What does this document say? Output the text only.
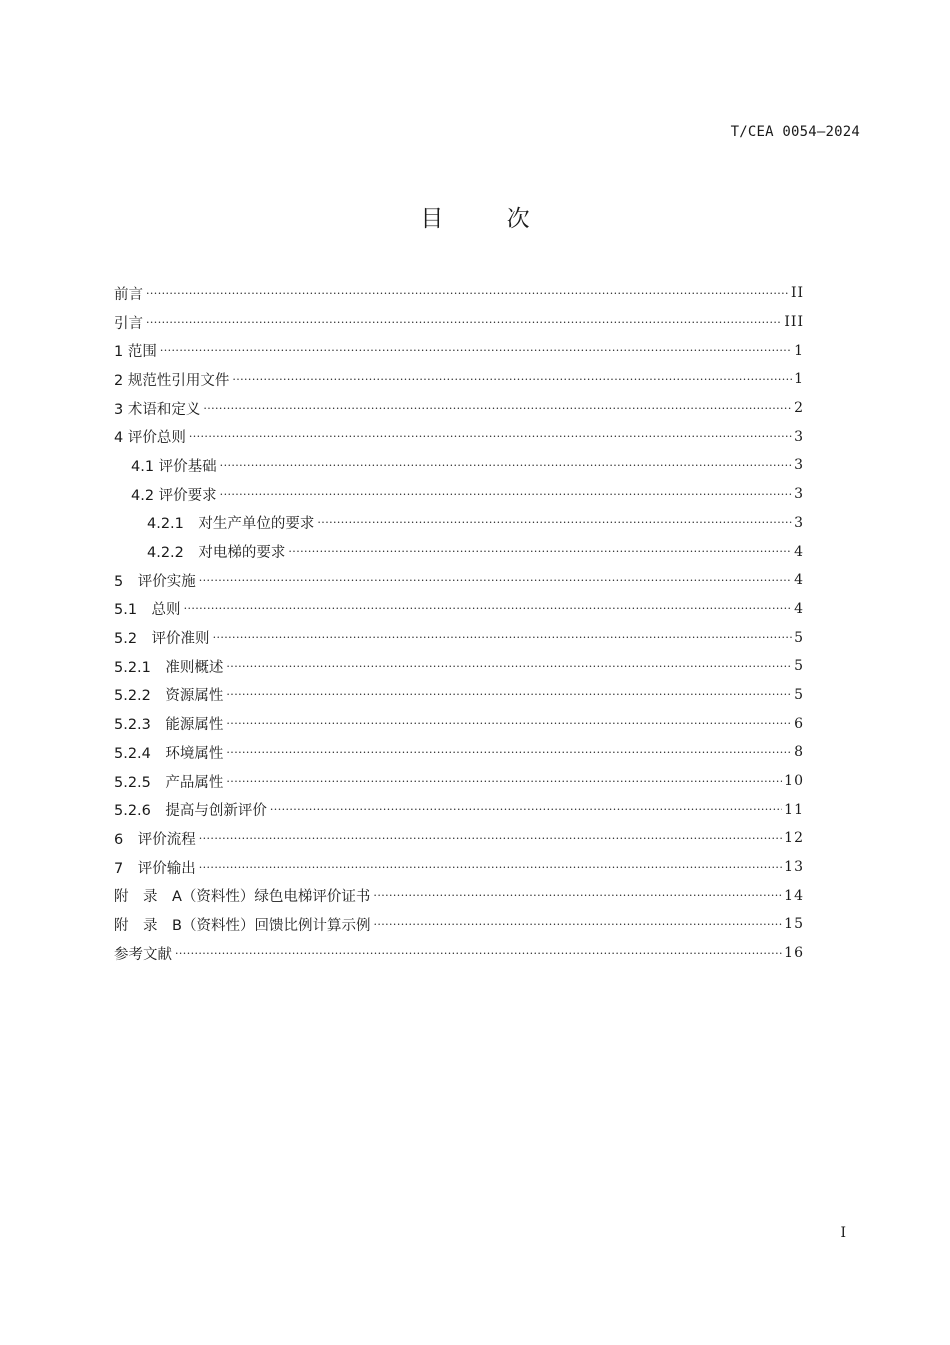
T/CEA 0054—2024
目 次
前言 ·····	II
引言 ·····	III
1 范围 ·····	1
2 规范性引用文件 ·····	1
3 术语和定义 ·····	2
4 评价总则 ·····	3
4.1 评价基础 ·····	3
4.2 评价要求 ·····	3
4.2.1　对生产单位的要求 ·····	3
4.2.2　对电梯的要求 ·····	4
5　评价实施 ·····	4
5.1　总则 ·····	4
5.2　评价准则 ·····	5
5.2.1　准则概述 ·····	5
5.2.2　资源属性 ·····	5
5.2.3　能源属性 ·····	6
5.2.4　环境属性 ·····	8
5.2.5　产品属性 ·····	10
5.2.6　提高与创新评价 ·····	11
6　评价流程 ·····	12
7　评价输出 ·····	13
附　录　A（资料性）绿色电梯评价证书 ·····	14
附　录　B（资料性）回馈比例计算示例 ·····	15
参考文献 ·····	16
I
